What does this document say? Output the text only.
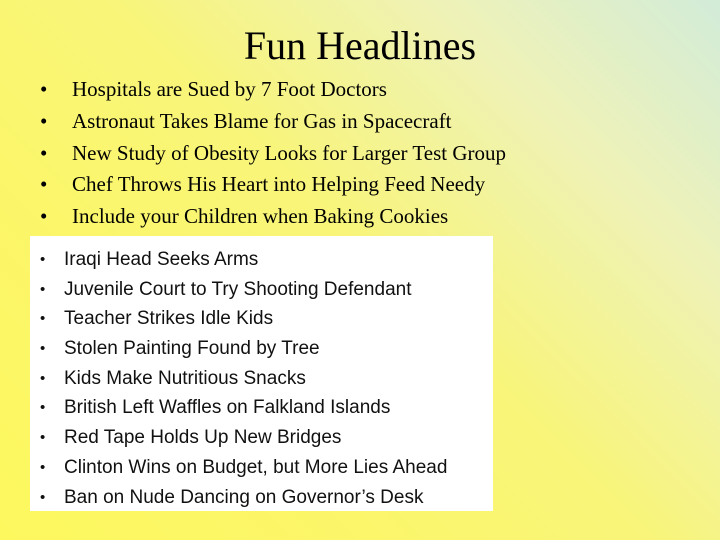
Fun Headlines
• Hospitals are Sued by 7 Foot Doctors
• Astronaut Takes Blame for Gas in Spacecraft
• New Study of Obesity Looks for Larger Test Group
• Chef Throws His Heart into Helping Feed Needy
• Include your Children when Baking Cookies
• Iraqi Head Seeks Arms
• Juvenile Court to Try Shooting Defendant
• Teacher Strikes Idle Kids
• Stolen Painting Found by Tree
• Kids Make Nutritious Snacks
• British Left Waffles on Falkland Islands
• Red Tape Holds Up New Bridges
• Clinton Wins on Budget, but More Lies Ahead
• Ban on Nude Dancing on Governor’s Desk
